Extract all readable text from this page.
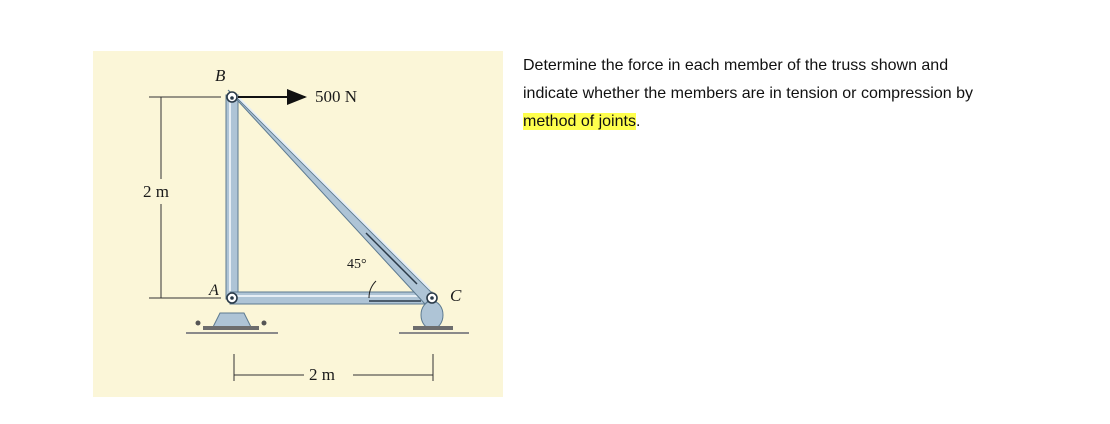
B
500 N
2 m
45°
A	C
2 m
Determine the force in each member of the truss shown and indicate whether the members are in tension or compression by method of joints.
